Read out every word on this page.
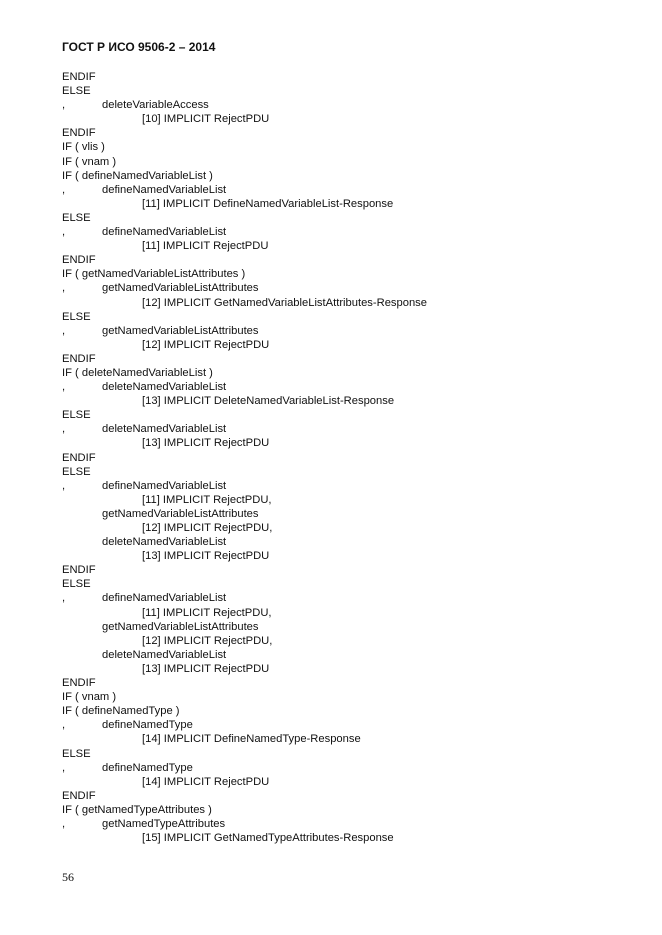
ГОСТ Р ИСО 9506-2 – 2014
ENDIF
ELSE
,	deleteVariableAccess
[10] IMPLICIT RejectPDU
ENDIF
IF ( vlis )
IF ( vnam )
IF ( defineNamedVariableList )
,	defineNamedVariableList
[11] IMPLICIT DefineNamedVariableList-Response
ELSE
,	defineNamedVariableList
[11] IMPLICIT RejectPDU
ENDIF
IF ( getNamedVariableListAttributes )
,	getNamedVariableListAttributes
[12] IMPLICIT GetNamedVariableListAttributes-Response
ELSE
,	getNamedVariableListAttributes
[12] IMPLICIT RejectPDU
ENDIF
IF ( deleteNamedVariableList )
,	deleteNamedVariableList
[13] IMPLICIT DeleteNamedVariableList-Response
ELSE
,	deleteNamedVariableList
[13] IMPLICIT RejectPDU
ENDIF
ELSE
,	defineNamedVariableList
[11] IMPLICIT RejectPDU,
getNamedVariableListAttributes
[12] IMPLICIT RejectPDU,
deleteNamedVariableList
[13] IMPLICIT RejectPDU
ENDIF
ELSE
,	defineNamedVariableList
[11] IMPLICIT RejectPDU,
getNamedVariableListAttributes
[12] IMPLICIT RejectPDU,
deleteNamedVariableList
[13] IMPLICIT RejectPDU
ENDIF
IF ( vnam )
IF ( defineNamedType )
,	defineNamedType
[14] IMPLICIT DefineNamedType-Response
ELSE
,	defineNamedType
[14] IMPLICIT RejectPDU
ENDIF
IF ( getNamedTypeAttributes )
,	getNamedTypeAttributes
[15] IMPLICIT GetNamedTypeAttributes-Response
56
